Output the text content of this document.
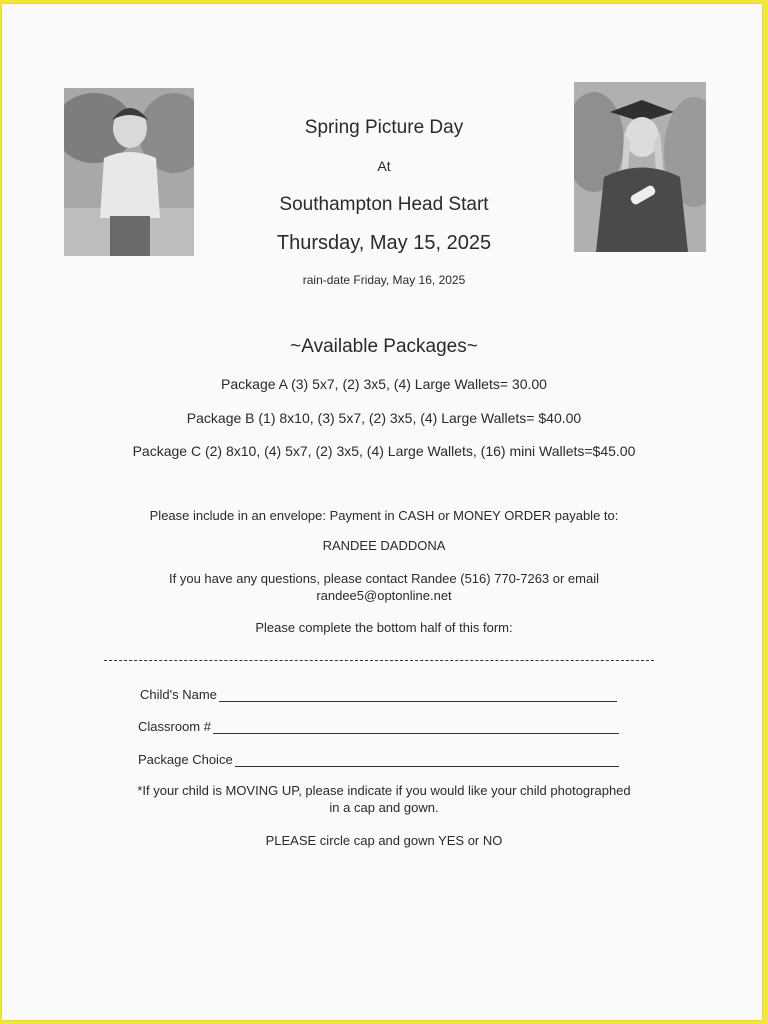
Spring Picture Day
At
Southampton Head Start
Thursday, May 15, 2025
rain-date Friday, May 16, 2025
~Available Packages~
Package A (3) 5x7, (2) 3x5, (4) Large Wallets= 30.00
Package B (1) 8x10, (3) 5x7, (2) 3x5, (4) Large Wallets= $40.00
Package C (2) 8x10, (4) 5x7, (2) 3x5, (4) Large Wallets, (16) mini Wallets=$45.00
Please include in an envelope: Payment in CASH or MONEY ORDER payable to:
RANDEE DADDONA
If you have any questions, please contact Randee (516) 770-7263 or email
randee5@optonline.net
Please complete the bottom half of this form:
Child's Name
Classroom #
Package Choice
*If your child is MOVING UP, please indicate if you would like your child photographed
in a cap and gown.
PLEASE circle cap and gown YES or NO
